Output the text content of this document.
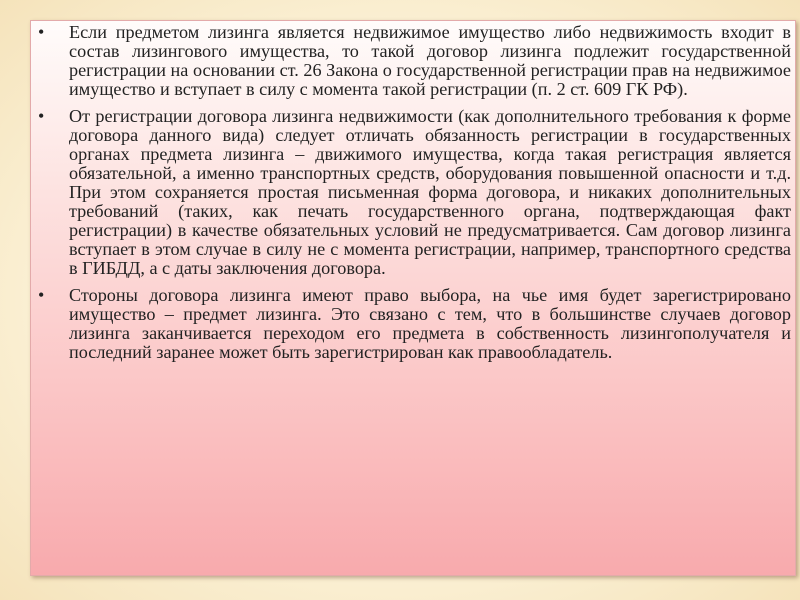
• Если предметом лизинга является недвижимое имущество либо недвижимость входит в состав лизингового имущества, то такой договор лизинга подлежит государственной регистрации на основании ст. 26 Закона о государственной регистрации прав на недвижимое имущество и вступает в силу с момента такой регистрации (п. 2 ст. 609 ГК РФ).
• От регистрации договора лизинга недвижимости (как дополнительного требования к форме договора данного вида) следует отличать обязанность регистрации в государственных органах предмета лизинга – движимого имущества, когда такая регистрация является обязательной, а именно транспортных средств, оборудования повышенной опасности и т.д. При этом сохраняется простая письменная форма договора, и никаких дополнительных требований (таких, как печать государственного органа, подтверждающая факт регистрации) в качестве обязательных условий не предусматривается. Сам договор лизинга вступает в этом случае в силу не с момента регистрации, например, транспортного средства в ГИБДД, а с даты заключения договора.
• Стороны договора лизинга имеют право выбора, на чье имя будет зарегистрировано имущество – предмет лизинга. Это связано с тем, что в большинстве случаев договор лизинга заканчивается переходом его предмета в собственность лизингополучателя и последний заранее может быть зарегистрирован как правообладатель.
